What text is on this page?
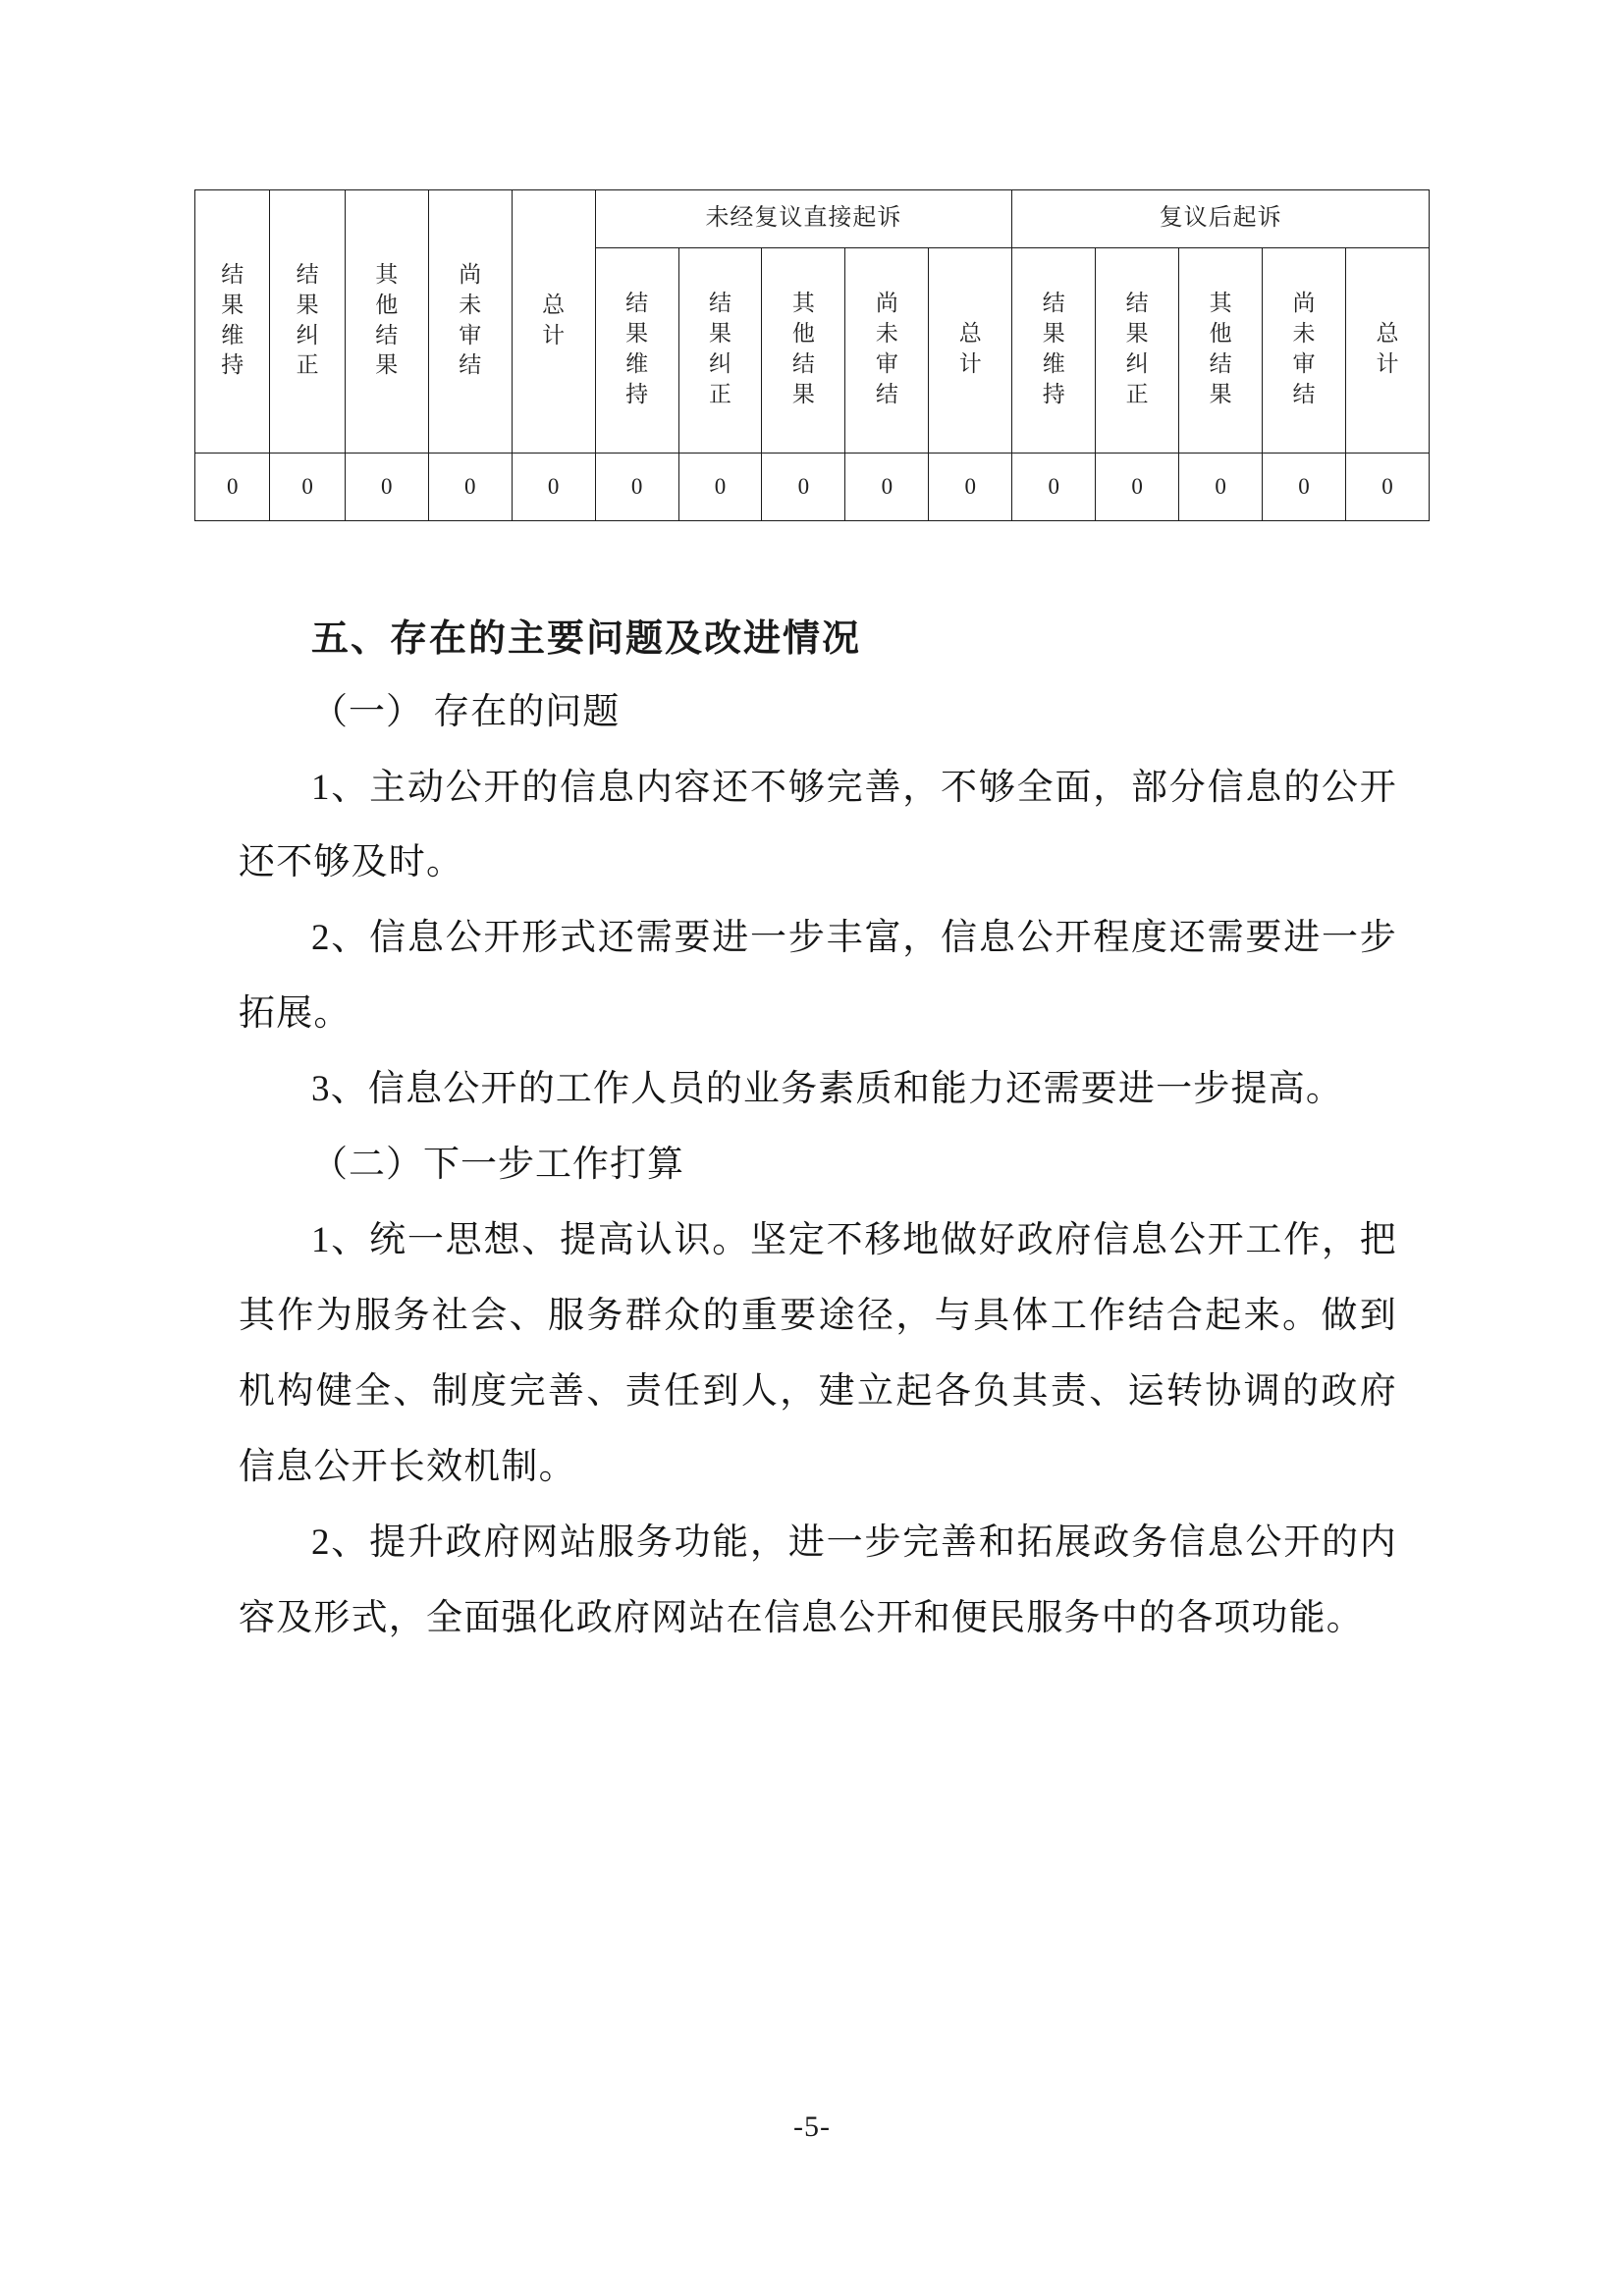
结
果
维
持	结
果
纠
正	其
他
结
果	尚
未
审
结	总
计	未经复议直接起诉					复议后起诉				

					结
果
维
持	结
果
纠
正	其
他
结
果	尚
未
审
结	总
计	结
果
维
持	结
果
纠
正	其
他
结
果	尚
未
审
结	总
计

0	0	0	0	0	0	0	0	0	0	0	0	0	0	0
五、存在的主要问题及改进情况

（一） 存在的问题

1、主动公开的信息内容还不够完善，不够全面，部分信息的公开还不够及时。

2、信息公开形式还需要进一步丰富，信息公开程度还需要进一步拓展。

3、信息公开的工作人员的业务素质和能力还需要进一步提高。

（二）下一步工作打算

1、统一思想、提高认识。坚定不移地做好政府信息公开工作，把其作为服务社会、服务群众的重要途径，与具体工作结合起来。做到机构健全、制度完善、责任到人，建立起各负其责、运转协调的政府信息公开长效机制。

2、提升政府网站服务功能，进一步完善和拓展政务信息公开的内容及形式，全面强化政府网站在信息公开和便民服务中的各项功能。

-5-
